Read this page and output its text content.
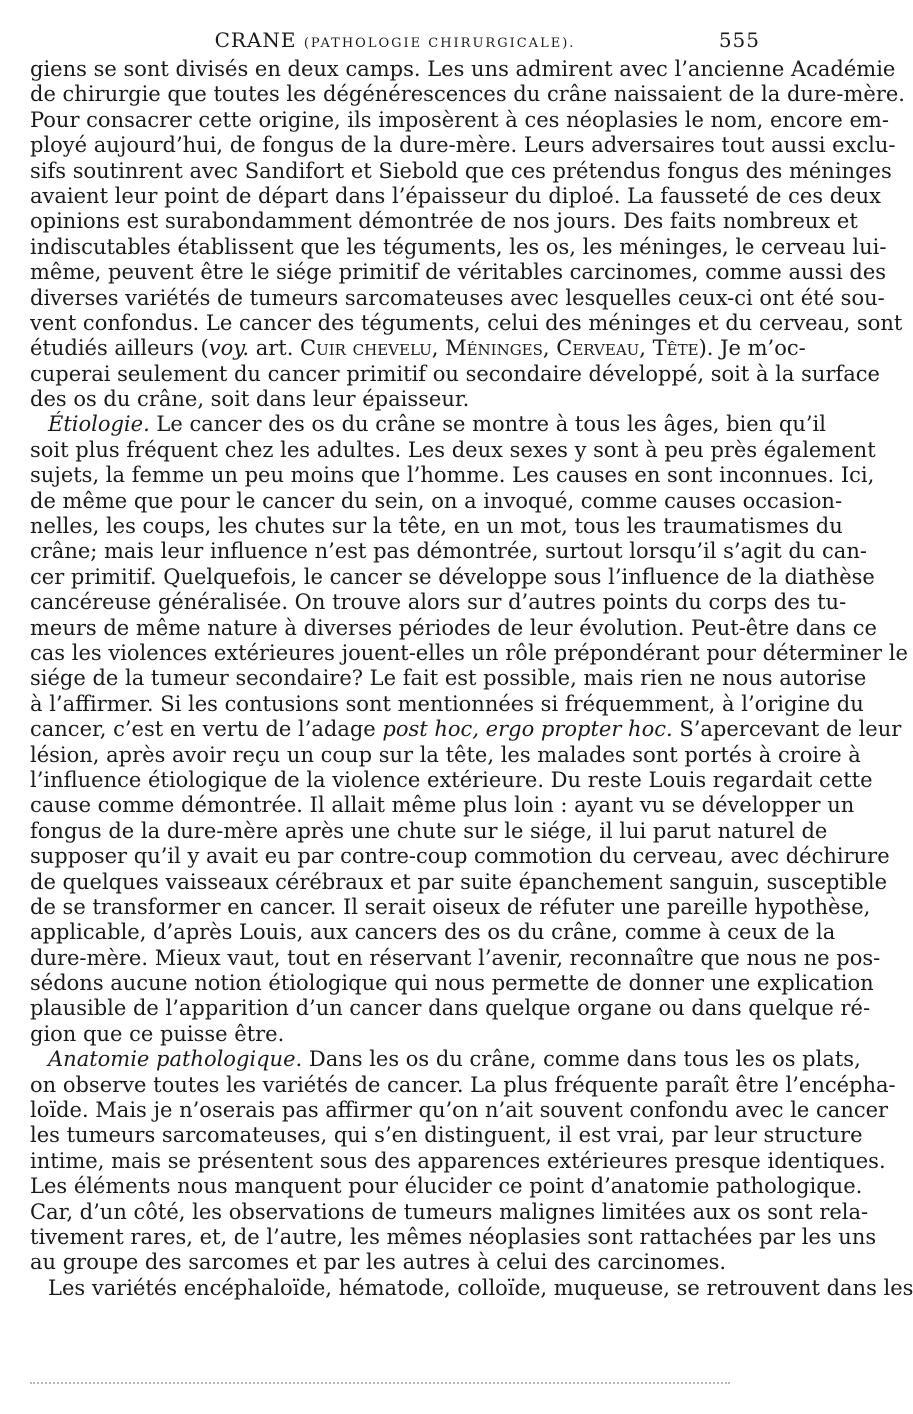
CRANE (PATHOLOGIE CHIRURGICALE).	555
giens se sont divisés en deux camps. Les uns admirent avec l’ancienne Académie
de chirurgie que toutes les dégénérescences du crâne naissaient de la dure-mère.
Pour consacrer cette origine, ils imposèrent à ces néoplasies le nom, encore em-
ployé aujourd’hui, de fongus de la dure-mère. Leurs adversaires tout aussi exclu-
sifs soutinrent avec Sandifort et Siebold que ces prétendus fongus des méninges
avaient leur point de départ dans l’épaisseur du diploé. La fausseté de ces deux
opinions est surabondamment démontrée de nos jours. Des faits nombreux et
indiscutables établissent que les téguments, les os, les méninges, le cerveau lui-
même, peuvent être le siége primitif de véritables carcinomes, comme aussi des
diverses variétés de tumeurs sarcomateuses avec lesquelles ceux-ci ont été sou-
vent confondus. Le cancer des téguments, celui des méninges et du cerveau, sont
étudiés ailleurs (voy. art. Cuir chevelu, Méninges, Cerveau, Tête). Je m’oc-
cuperai seulement du cancer primitif ou secondaire développé, soit à la surface
des os du crâne, soit dans leur épaisseur.
Étiologie. Le cancer des os du crâne se montre à tous les âges, bien qu’il
soit plus fréquent chez les adultes. Les deux sexes y sont à peu près également
sujets, la femme un peu moins que l’homme. Les causes en sont inconnues. Ici,
de même que pour le cancer du sein, on a invoqué, comme causes occasion-
nelles, les coups, les chutes sur la tête, en un mot, tous les traumatismes du
crâne; mais leur influence n’est pas démontrée, surtout lorsqu’il s’agit du can-
cer primitif. Quelquefois, le cancer se développe sous l’influence de la diathèse
cancéreuse généralisée. On trouve alors sur d’autres points du corps des tu-
meurs de même nature à diverses périodes de leur évolution. Peut-être dans ce
cas les violences extérieures jouent-elles un rôle prépondérant pour déterminer le
siége de la tumeur secondaire? Le fait est possible, mais rien ne nous autorise
à l’affirmer. Si les contusions sont mentionnées si fréquemment, à l’origine du
cancer, c’est en vertu de l’adage post hoc, ergo propter hoc. S’apercevant de leur
lésion, après avoir reçu un coup sur la tête, les malades sont portés à croire à
l’influence étiologique de la violence extérieure. Du reste Louis regardait cette
cause comme démontrée. Il allait même plus loin : ayant vu se développer un
fongus de la dure-mère après une chute sur le siége, il lui parut naturel de
supposer qu’il y avait eu par contre-coup commotion du cerveau, avec déchirure
de quelques vaisseaux cérébraux et par suite épanchement sanguin, susceptible
de se transformer en cancer. Il serait oiseux de réfuter une pareille hypothèse,
applicable, d’après Louis, aux cancers des os du crâne, comme à ceux de la
dure-mère. Mieux vaut, tout en réservant l’avenir, reconnaître que nous ne pos-
sédons aucune notion étiologique qui nous permette de donner une explication
plausible de l’apparition d’un cancer dans quelque organe ou dans quelque ré-
gion que ce puisse être.
Anatomie pathologique. Dans les os du crâne, comme dans tous les os plats,
on observe toutes les variétés de cancer. La plus fréquente paraît être l’encépha-
loïde. Mais je n’oserais pas affirmer qu’on n’ait souvent confondu avec le cancer
les tumeurs sarcomateuses, qui s’en distinguent, il est vrai, par leur structure
intime, mais se présentent sous des apparences extérieures presque identiques.
Les éléments nous manquent pour élucider ce point d’anatomie pathologique.
Car, d’un côté, les observations de tumeurs malignes limitées aux os sont rela-
tivement rares, et, de l’autre, les mêmes néoplasies sont rattachées par les uns
au groupe des sarcomes et par les autres à celui des carcinomes.
Les variétés encéphaloïde, hématode, colloïde, muqueuse, se retrouvent dans les
